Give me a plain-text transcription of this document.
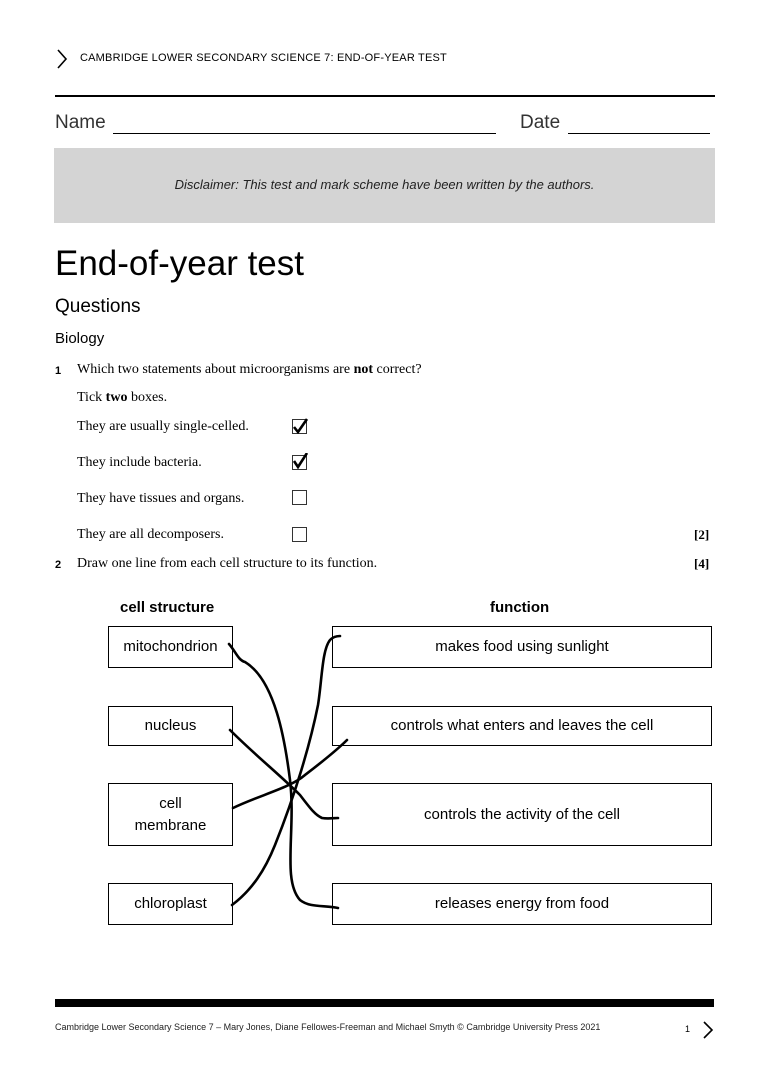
CAMBRIDGE LOWER SECONDARY SCIENCE 7: END-OF-YEAR TEST
Name	Date
Disclaimer: This test and mark scheme have been written by the authors.
End-of-year test
Questions
Biology
1 Which two statements about microorganisms are not correct?
Tick two boxes.
They are usually single-celled.
They include bacteria.
They have tissues and organs.
They are all decomposers.	[2]
2 Draw one line from each cell structure to its function.	[4]
cell structure	function
mitochondrion
nucleus
cell membrane
chloroplast
makes food using sunlight
controls what enters and leaves the cell
controls the activity of the cell
releases energy from food
Cambridge Lower Secondary Science 7 – Mary Jones, Diane Fellowes-Freeman and Michael Smyth © Cambridge University Press 2021	1
